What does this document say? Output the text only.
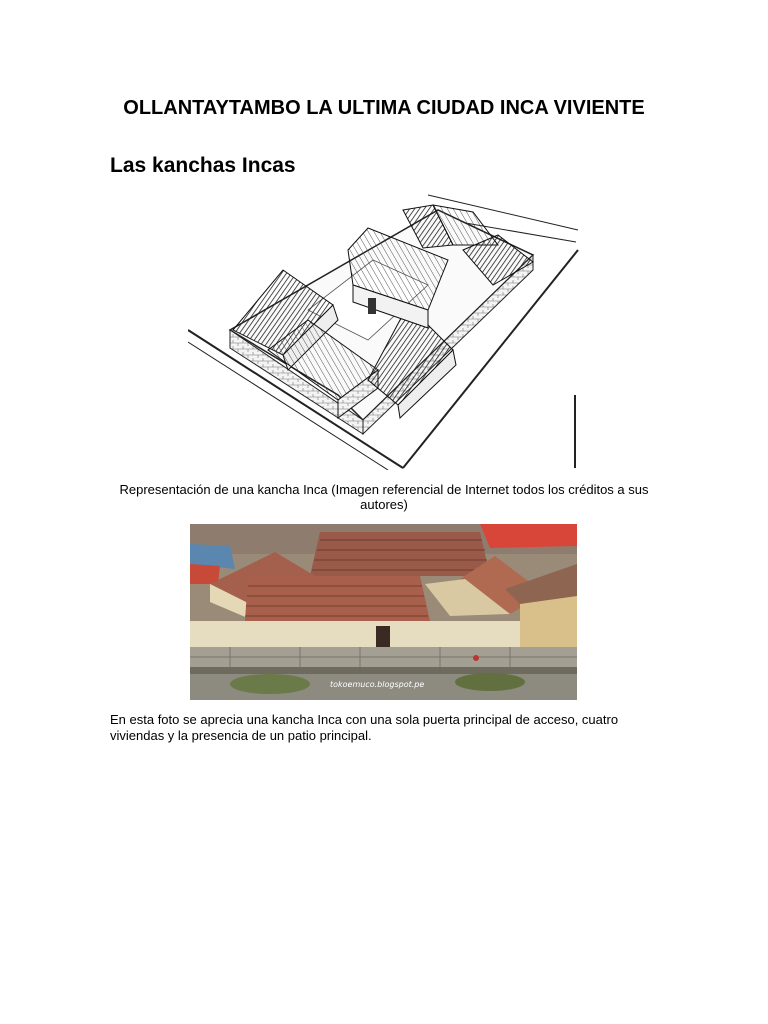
OLLANTAYTAMBO LA ULTIMA CIUDAD INCA VIVIENTE
Las kanchas Incas
Representación de una kancha Inca (Imagen referencial de Internet todos los créditos a sus autores)
tokoemuco.blogspot.pe
En esta foto se aprecia una kancha Inca con una sola puerta principal de acceso, cuatro viviendas y la presencia de un patio principal.
